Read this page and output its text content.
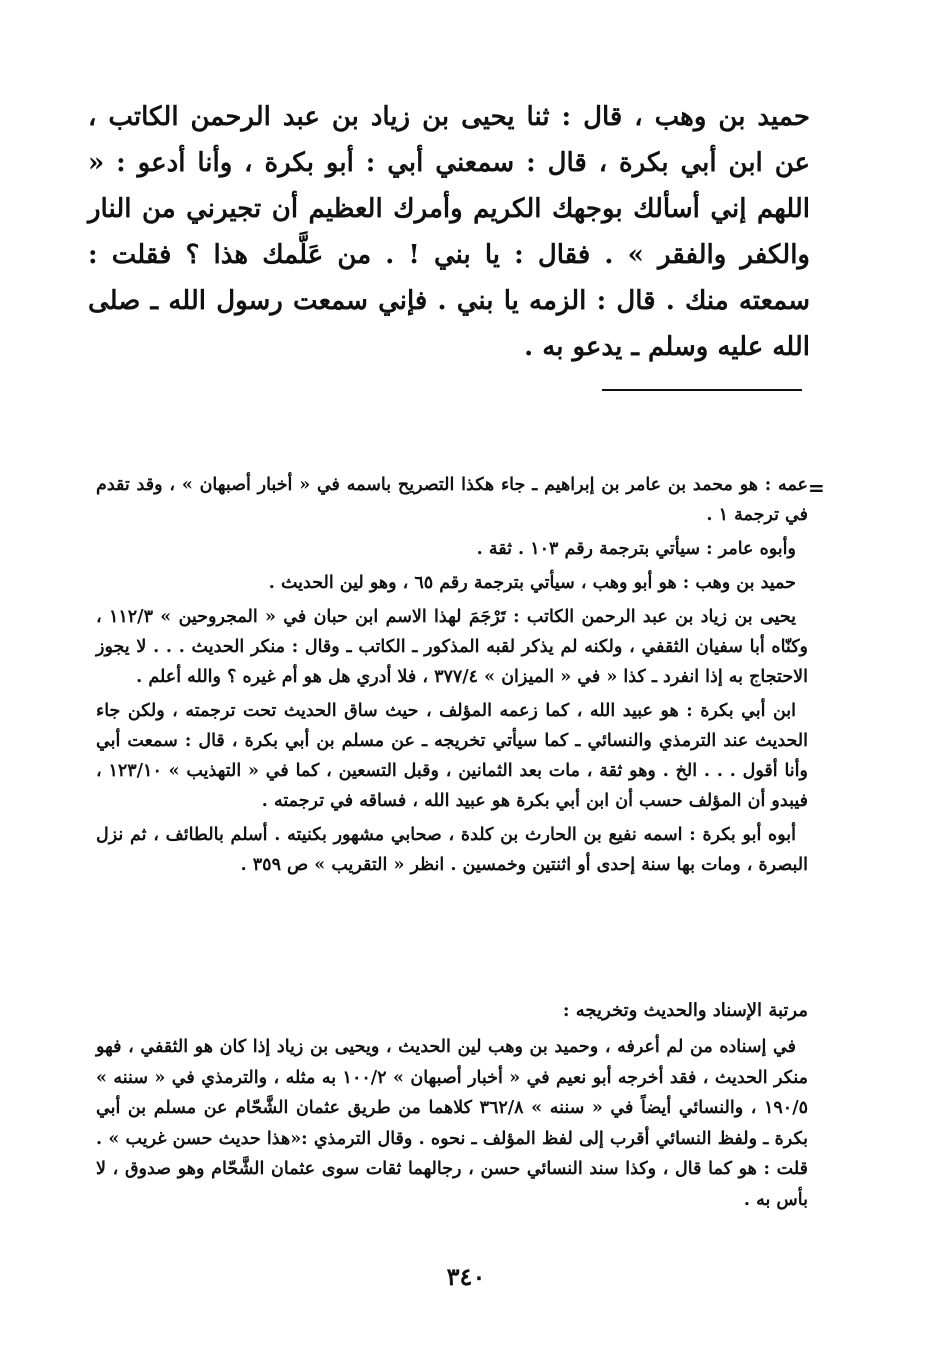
حميد بن وهب ، قال : ثنا يحيى بن زياد بن عبد الرحمن الكاتب ، عن ابن أبي بكرة ، قال : سمعني أبي : أبو بكرة ، وأنا أدعو : « اللهم إني أسألك بوجهك الكريم وأمرك العظيم أن تجيرني من النار والكفر والفقر » . فقال : يا بني ! . من عَلَّمك هذا ؟ فقلت : سمعته منك . قال : الزمه يا بني . فإني سمعت رسول الله ـ صلى الله عليه وسلم ـ يدعو به .

=

عمه : هو محمد بن عامر بن إبراهيم ـ جاء هكذا التصريح باسمه في « أخبار أصبهان » ، وقد تقدم في ترجمة ١ .

وأبوه عامر : سيأتي بترجمة رقم ١٠٣ . ثقة .

حميد بن وهب : هو أبو وهب ، سيأتي بترجمة رقم ٦٥ ، وهو لين الحديث .

يحيى بن زياد بن عبد الرحمن الكاتب : تَرْجَمَ لهذا الاسم ابن حبان في « المجروحين » ١١٢/٣ ، وكنّاه أبا سفيان الثقفي ، ولكنه لم يذكر لقبه المذكور ـ الكاتب ـ وقال : منكر الحديث . . . لا يجوز الاحتجاج به إذا انفرد ـ كذا « في « الميزان » ٣٧٧/٤ ، فلا أدري هل هو أم غيره ؟ والله أعلم .

ابن أبي بكرة : هو عبيد الله ، كما زعمه المؤلف ، حيث ساق الحديث تحت ترجمته ، ولكن جاء الحديث عند الترمذي والنسائي ـ كما سيأتي تخريجه ـ عن مسلم بن أبي بكرة ، قال : سمعت أبي وأنا أقول . . . الخ . وهو ثقة ، مات بعد الثمانين ، وقبل التسعين ، كما في « التهذيب » ١٢٣/١٠ ، فيبدو أن المؤلف حسب أن ابن أبي بكرة هو عبيد الله ، فساقه في ترجمته .

أبوه أبو بكرة : اسمه نفيع بن الحارث بن كلدة ، صحابي مشهور بكنيته . أسلم بالطائف ، ثم نزل البصرة ، ومات بها سنة إحدى أو اثنتين وخمسين . انظر « التقريب » ص ٣٥٩ .

مرتبة الإسناد والحديث وتخريجه :
في إسناده من لم أعرفه ، وحميد بن وهب لين الحديث ، ويحيى بن زياد إذا كان هو الثقفي ، فهو منكر الحديث ، فقد أخرجه أبو نعيم في « أخبار أصبهان » ١٠٠/٢ به مثله ، والترمذي في « سننه » ١٩٠/٥ ، والنسائي أيضاً في « سننه » ٣٦٢/٨ كلاهما من طريق عثمان الشَّحّام عن مسلم بن أبي بكرة ـ ولفظ النسائي أقرب إلى لفظ المؤلف ـ نحوه . وقال الترمذي :«هذا حديث حسن غريب » . قلت : هو كما قال ، وكذا سند النسائي حسن ، رجالهما ثقات سوى عثمان الشَّحّام وهو صدوق ، لا بأس به .
٣٤٠
